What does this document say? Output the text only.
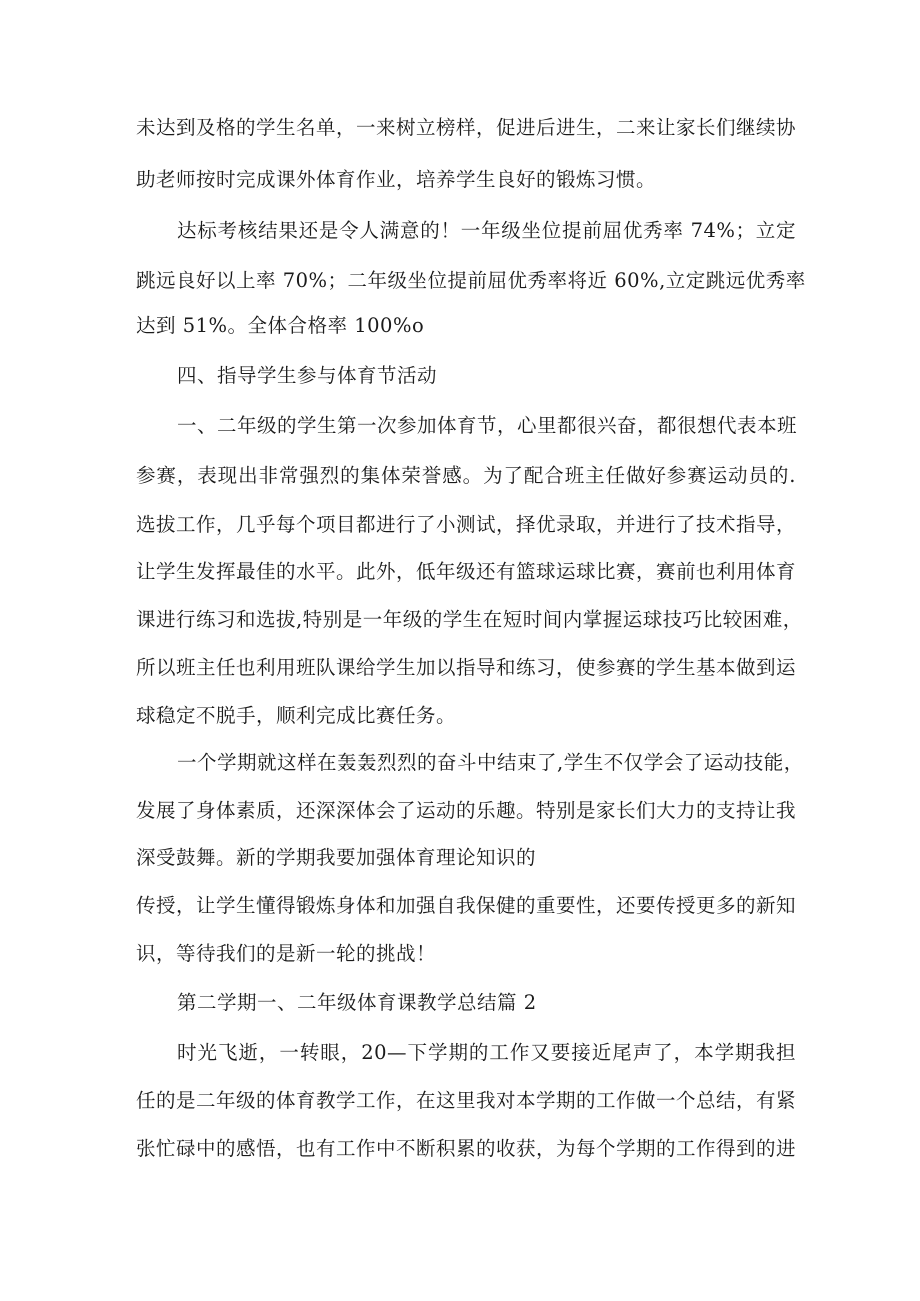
未达到及格的学生名单，一来树立榜样，促进后进生，二来让家长们继续协
助老师按时完成课外体育作业，培养学生良好的锻炼习惯。
达标考核结果还是令人满意的！一年级坐位提前屈优秀率 74%；立定
跳远良好以上率 70%；二年级坐位提前屈优秀率将近 60%,立定跳远优秀率
达到 51%。全体合格率 100%o
四、指导学生参与体育节活动
一、二年级的学生第一次参加体育节，心里都很兴奋，都很想代表本班
参赛，表现出非常强烈的集体荣誉感。为了配合班主任做好参赛运动员的.
选拔工作，几乎每个项目都进行了小测试，择优录取，并进行了技术指导，
让学生发挥最佳的水平。此外，低年级还有篮球运球比赛，赛前也利用体育
课进行练习和选拔,特别是一年级的学生在短时间内掌握运球技巧比较困难，
所以班主任也利用班队课给学生加以指导和练习，使参赛的学生基本做到运
球稳定不脱手，顺利完成比赛任务。
一个学期就这样在轰轰烈烈的奋斗中结束了,学生不仅学会了运动技能，
发展了身体素质，还深深体会了运动的乐趣。特别是家长们大力的支持让我
深受鼓舞。新的学期我要加强体育理论知识的
传授，让学生懂得锻炼身体和加强自我保健的重要性，还要传授更多的新知
识，等待我们的是新一轮的挑战！
第二学期一、二年级体育课教学总结篇 2
时光飞逝，一转眼，20—下学期的工作又要接近尾声了，本学期我担
任的是二年级的体育教学工作，在这里我对本学期的工作做一个总结，有紧
张忙碌中的感悟，也有工作中不断积累的收获，为每个学期的工作得到的进
